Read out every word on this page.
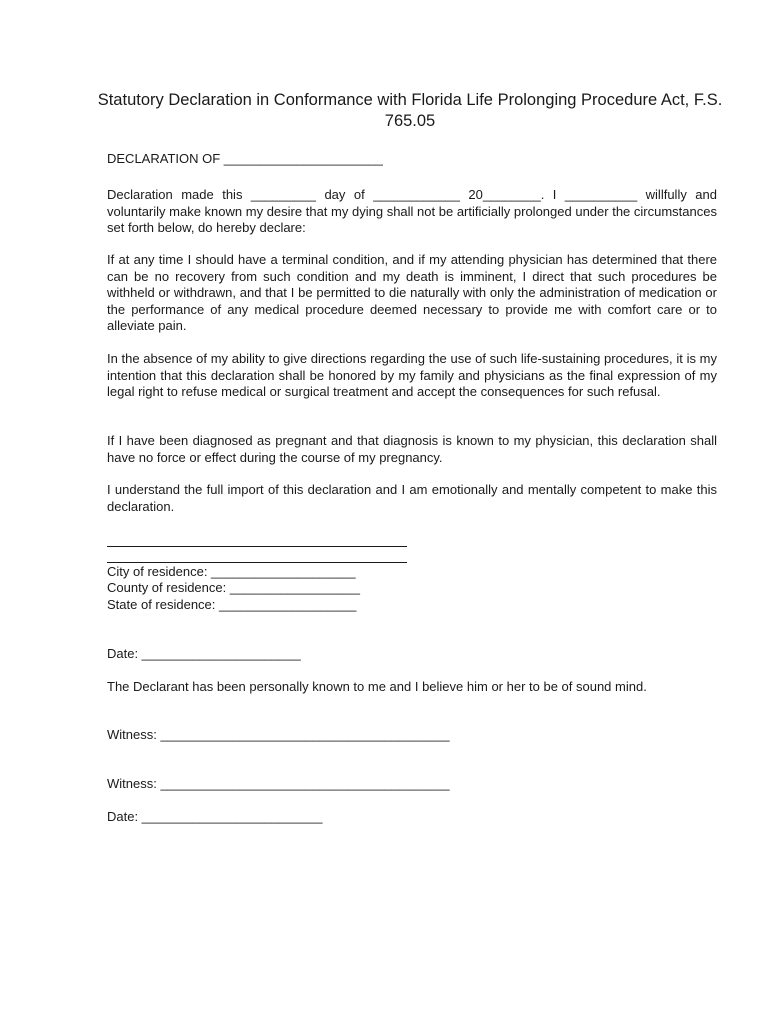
Statutory Declaration in Conformance with Florida Life Prolonging Procedure Act, F.S. 765.05
DECLARATION OF ______________________
Declaration made this _________ day of ____________ 20________. I __________ willfully and voluntarily make known my desire that my dying shall not be artificially prolonged under the circumstances set forth below, do hereby declare:
If at any time I should have a terminal condition, and if my attending physician has determined that there can be no recovery from such condition and my death is imminent, I direct that such procedures be withheld or withdrawn, and that I be permitted to die naturally with only the administration of medication or the performance of any medical procedure deemed necessary to provide me with comfort care or to alleviate pain.
In the absence of my ability to give directions regarding the use of such life-sustaining procedures, it is my intention that this declaration shall be honored by my family and physicians as the final expression of my legal right to refuse medical or surgical treatment and accept the consequences for such refusal.
If I have been diagnosed as pregnant and that diagnosis is known to my physician, this declaration shall have no force or effect during the course of my pregnancy.
I understand the full import of this declaration and I am emotionally and mentally competent to make this declaration.
City of residence: ____________________
County of residence: __________________
State of residence: ___________________
Date: ______________________
The Declarant has been personally known to me and I believe him or her to be of sound mind.
Witness: ________________________________________
Witness: ________________________________________
Date: _________________________
